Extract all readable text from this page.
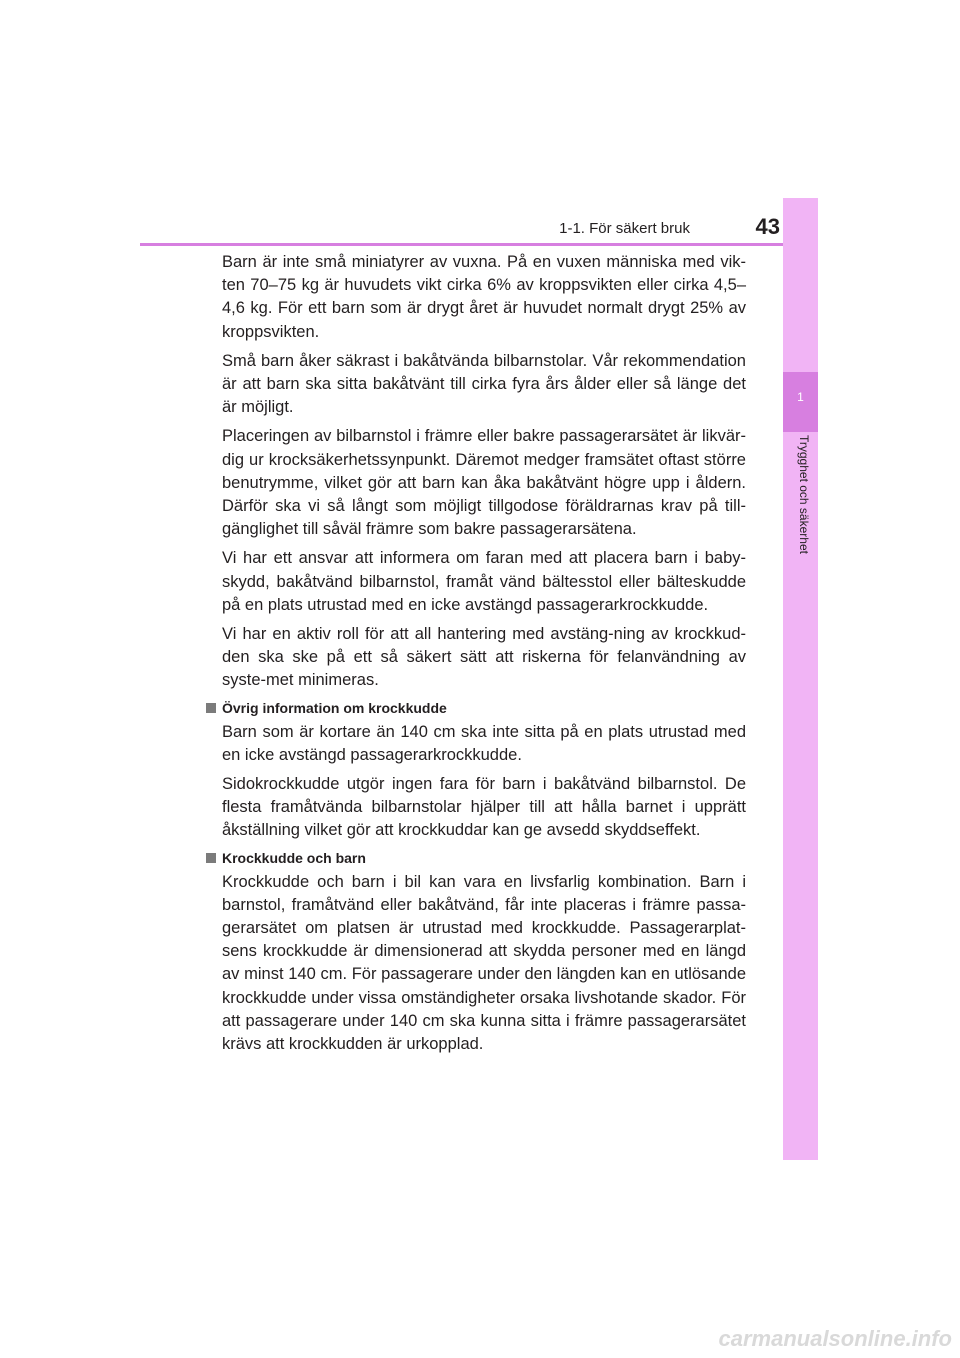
1-1. För säkert bruk	43
1
Trygghet och säkerhet

Barn är inte små miniatyrer av vuxna. På en vuxen människa med vik-ten 70–75 kg är huvudets vikt cirka 6% av kroppsvikten eller cirka 4,5–4,6 kg. För ett barn som är drygt året är huvudet normalt drygt 25% av kroppsvikten.

Små barn åker säkrast i bakåtvända bilbarnstolar. Vår rekommendation är att barn ska sitta bakåtvänt till cirka fyra års ålder eller så länge det är möjligt.

Placeringen av bilbarnstol i främre eller bakre passagerarsätet är likvär-dig ur krocksäkerhetssynpunkt. Däremot medger framsätet oftast större benutrymme, vilket gör att barn kan åka bakåtvänt högre upp i åldern. Därför ska vi så långt som möjligt tillgodose föräldrarnas krav på till-gänglighet till såväl främre som bakre passagerarsätena.

Vi har ett ansvar att informera om faran med att placera barn i baby-skydd, bakåtvänd bilbarnstol, framåt vänd bältesstol eller bälteskudde på en plats utrustad med en icke avstängd passagerarkrockkudde.

Vi har en aktiv roll för att all hantering med avstäng-ning av krockkud-den ska ske på ett så säkert sätt att riskerna för felanvändning av syste-met minimeras.

Övrig information om krockkudde

Barn som är kortare än 140 cm ska inte sitta på en plats utrustad med en icke avstängd passagerarkrockkudde.

Sidokrockkudde utgör ingen fara för barn i bakåtvänd bilbarnstol. De flesta framåtvända bilbarnstolar hjälper till att hålla barnet i upprätt åkställning vilket gör att krockkuddar kan ge avsedd skyddseffekt.

Krockkudde och barn

Krockkudde och barn i bil kan vara en livsfarlig kombination. Barn i barnstol, framåtvänd eller bakåtvänd, får inte placeras i främre passa-gerarsätet om platsen är utrustad med krockkudde. Passagerarplat-sens krockkudde är dimensionerad att skydda personer med en längd av minst 140 cm. För passagerare under den längden kan en utlösande krockkudde under vissa omständigheter orsaka livshotande skador. För att passagerare under 140 cm ska kunna sitta i främre passagerarsätet krävs att krockkudden är urkopplad.

carmanualsonline.info
